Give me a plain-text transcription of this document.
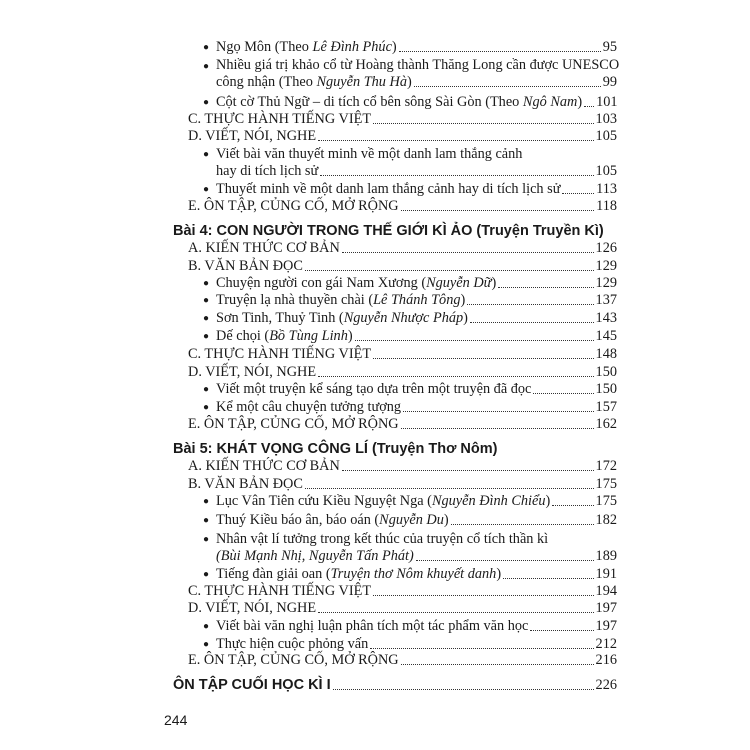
● Ngọ Môn (Theo Lê Đình Phúc)	95
● Nhiều giá trị khảo cổ từ Hoàng thành Thăng Long cần được UNESCO
công nhận (Theo Nguyễn Thu Hà)	99
● Cột cờ Thủ Ngữ – di tích cổ bên sông Sài Gòn (Theo Ngô Nam) 101
C. THỰC HÀNH TIẾNG VIỆT	103
D. VIẾT, NÓI, NGHE	105
● Viết bài văn thuyết minh về một danh lam thắng cảnh
hay di tích lịch sử	105
● Thuyết minh về một danh lam thắng cảnh hay di tích lịch sử 113
E. ÔN TẬP, CỦNG CỐ, MỞ RỘNG	118
Bài 4: CON NGƯỜI TRONG THẾ GIỚI KÌ ẢO (Truyện Truyền Kì)
A. KIẾN THỨC CƠ BẢN	126
B. VĂN BẢN ĐỌC	129
● Chuyện người con gái Nam Xương (Nguyễn Dữ)	129
● Truyện lạ nhà thuyền chài (Lê Thánh Tông)	137
● Sơn Tinh, Thuỷ Tinh (Nguyễn Nhược Pháp)	143
● Dế chọi (Bồ Tùng Linh)	145
C. THỰC HÀNH TIẾNG VIỆT	148
D. VIẾT, NÓI, NGHE	150
● Viết một truyện kể sáng tạo dựa trên một truyện đã đọc	150
● Kể một câu chuyện tưởng tượng	157
E. ÔN TẬP, CỦNG CỐ, MỞ RỘNG	162
Bài 5: KHÁT VỌNG CÔNG LÍ (Truyện Thơ Nôm)
A. KIẾN THỨC CƠ BẢN	172
B. VĂN BẢN ĐỌC	175
● Lục Vân Tiên cứu Kiều Nguyệt Nga (Nguyễn Đình Chiểu)	175
● Thuý Kiều báo ân, báo oán (Nguyễn Du)	182
● Nhân vật lí tưởng trong kết thúc của truyện cổ tích thần kì
(Bùi Mạnh Nhị, Nguyễn Tấn Phát)	189
● Tiếng đàn giải oan (Truyện thơ Nôm khuyết danh)	191
C. THỰC HÀNH TIẾNG VIỆT	194
D. VIẾT, NÓI, NGHE	197
● Viết bài văn nghị luận phân tích một tác phẩm văn học	197
● Thực hiện cuộc phỏng vấn	212
E. ÔN TẬP, CỦNG CỐ, MỞ RỘNG	216
ÔN TẬP CUỐI HỌC KÌ I	226
244
